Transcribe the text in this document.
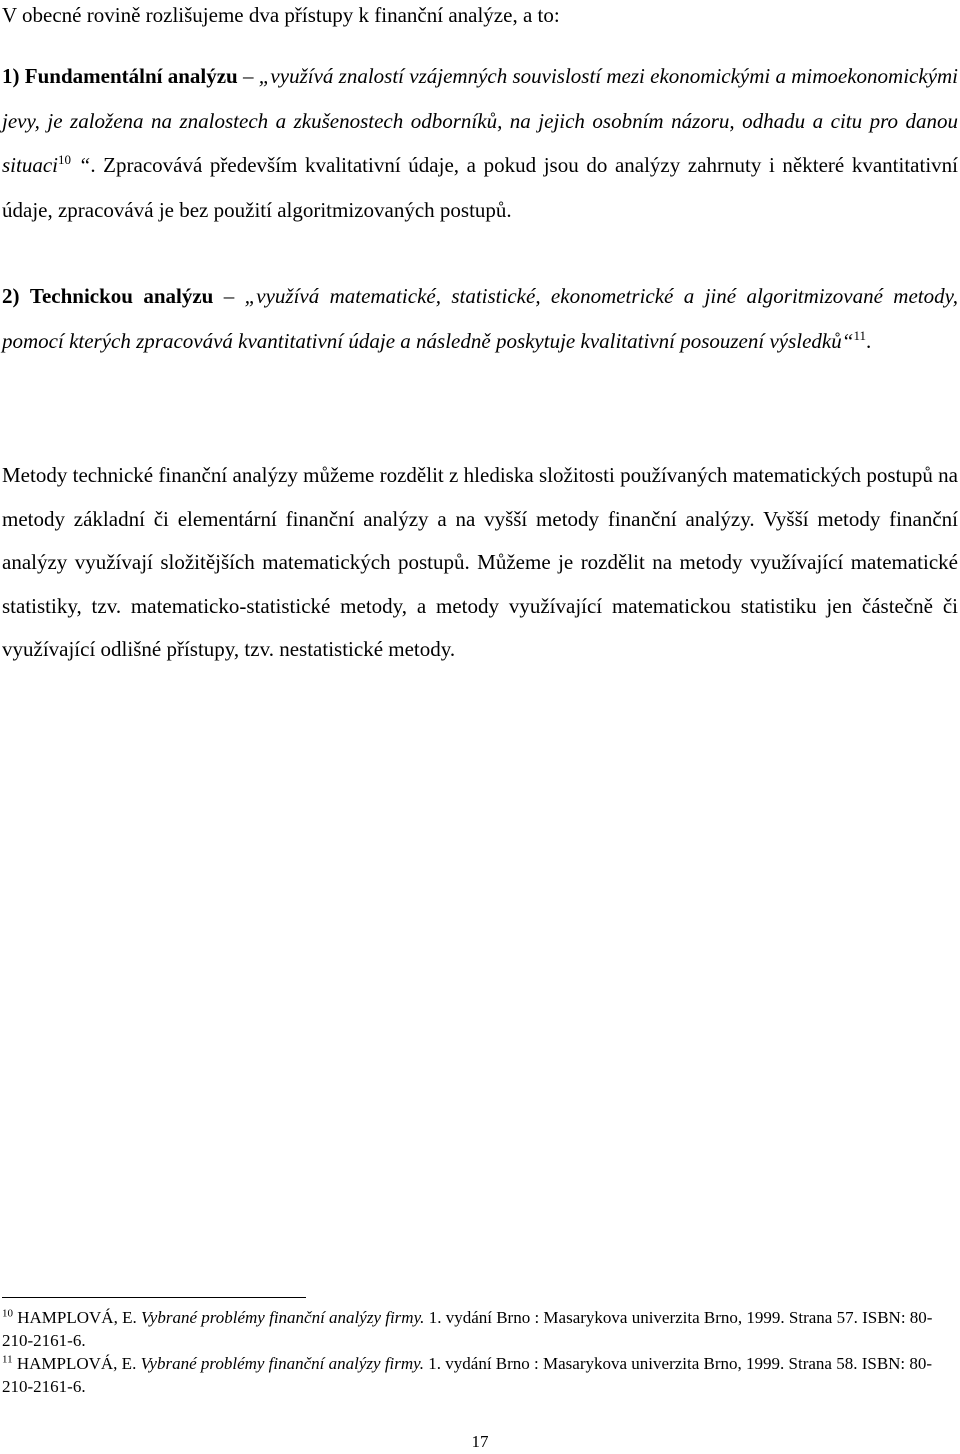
V obecné rovině rozlišujeme dva přístupy k finanční analýze, a to:
1) Fundamentální analýzu – „využívá znalostí vzájemných souvislostí mezi ekonomickými a mimoekonomickými jevy, je založena na znalostech a zkušenostech odborníků, na jejich osobním názoru, odhadu a citu pro danou situaci$^{10}$ “. Zpracovává především kvalitativní údaje, a pokud jsou do analýzy zahrnuty i některé kvantitativní údaje, zpracovává je bez použití algoritmizovaných postupů.
2) Technickou analýzu – „využívá matematické, statistické, ekonometrické a jiné algoritmizované metody, pomocí kterých zpracovává kvantitativní údaje a následně poskytuje kvalitativní posouzení výsledků“$^{11}$.
Metody technické finanční analýzy můžeme rozdělit z hlediska složitosti používaných matematických postupů na metody základní či elementární finanční analýzy a na vyšší metody finanční analýzy. Vyšší metody finanční analýzy využívají složitějších matematických postupů. Můžeme je rozdělit na metody využívající matematické statistiky, tzv. matematicko-statistické metody, a metody využívající matematickou statistiku jen částečně či využívající odlišné přístupy, tzv. nestatistické metody.
$^{10}$ HAMPLOVÁ, E. Vybrané problémy finanční analýzy firmy. 1. vydání Brno : Masarykova univerzita Brno, 1999. Strana 57. ISBN: 80-210-2161-6.
$^{11}$ HAMPLOVÁ, E. Vybrané problémy finanční analýzy firmy. 1. vydání Brno : Masarykova univerzita Brno, 1999. Strana 58. ISBN: 80-210-2161-6.
17
